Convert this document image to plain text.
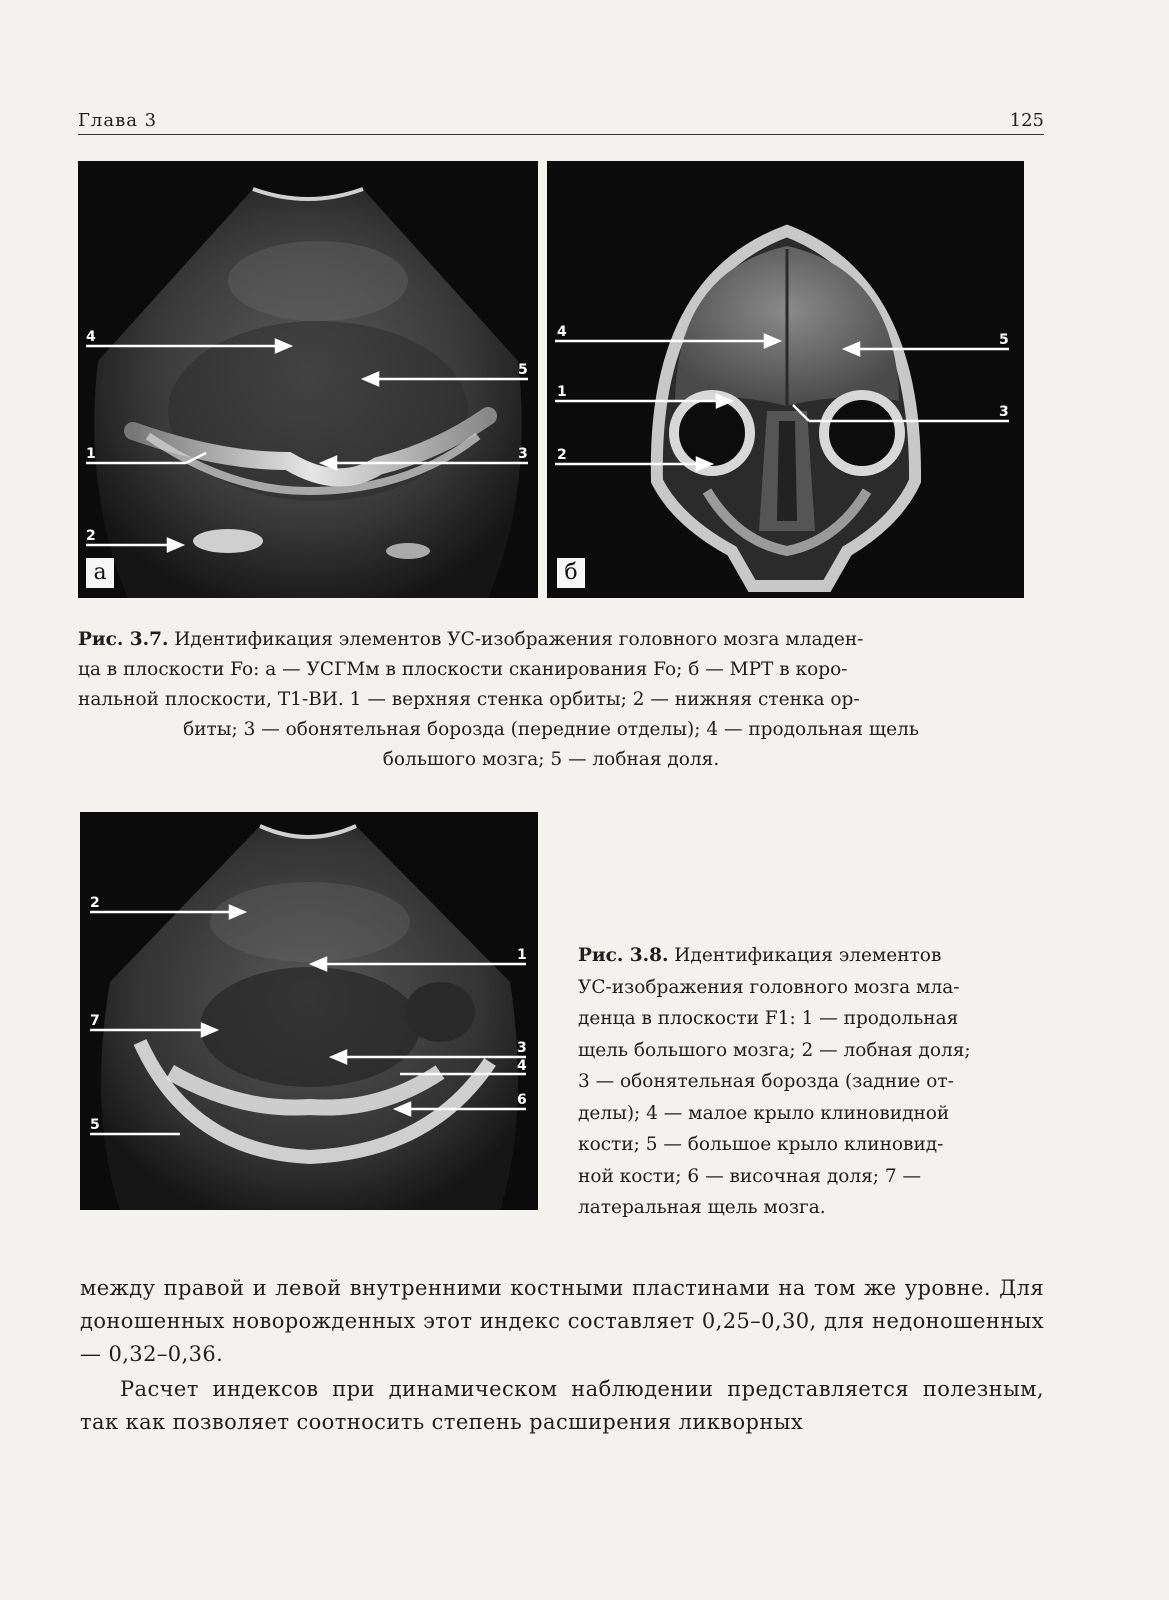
Глава 3	125
4
5
1	3
2
а
4	5
1
3
2
б
Рис. 3.7. Идентификация элементов УС-изображения головного мозга младен-
ца в плоскости Fo: а — УСГМм в плоскости сканирования Fo; б — МРТ в коро-
нальной плоскости, Т1-ВИ. 1 — верхняя стенка орбиты; 2 — нижняя стенка ор-
биты; 3 — обонятельная борозда (передние отделы); 4 — продольная щель
большого мозга; 5 — лобная доля.
2
1
7
3
4
6
5
Рис. 3.8. Идентификация элементов
УС-изображения головного мозга мла-
денца в плоскости F1: 1 — продольная
щель большого мозга; 2 — лобная доля;
3 — обонятельная борозда (задние от-
делы); 4 — малое крыло клиновидной
кости; 5 — большое крыло клиновид-
ной кости; 6 — височная доля; 7 —
латеральная щель мозга.

между правой и левой внутренними костными пластинами на том же уровне. Для доношенных новорожденных этот индекс составляет 0,25–0,30, для недоношенных — 0,32–0,36.

Расчет индексов при динамическом наблюдении представляется полезным, так как позволяет соотносить степень расширения ликворных
